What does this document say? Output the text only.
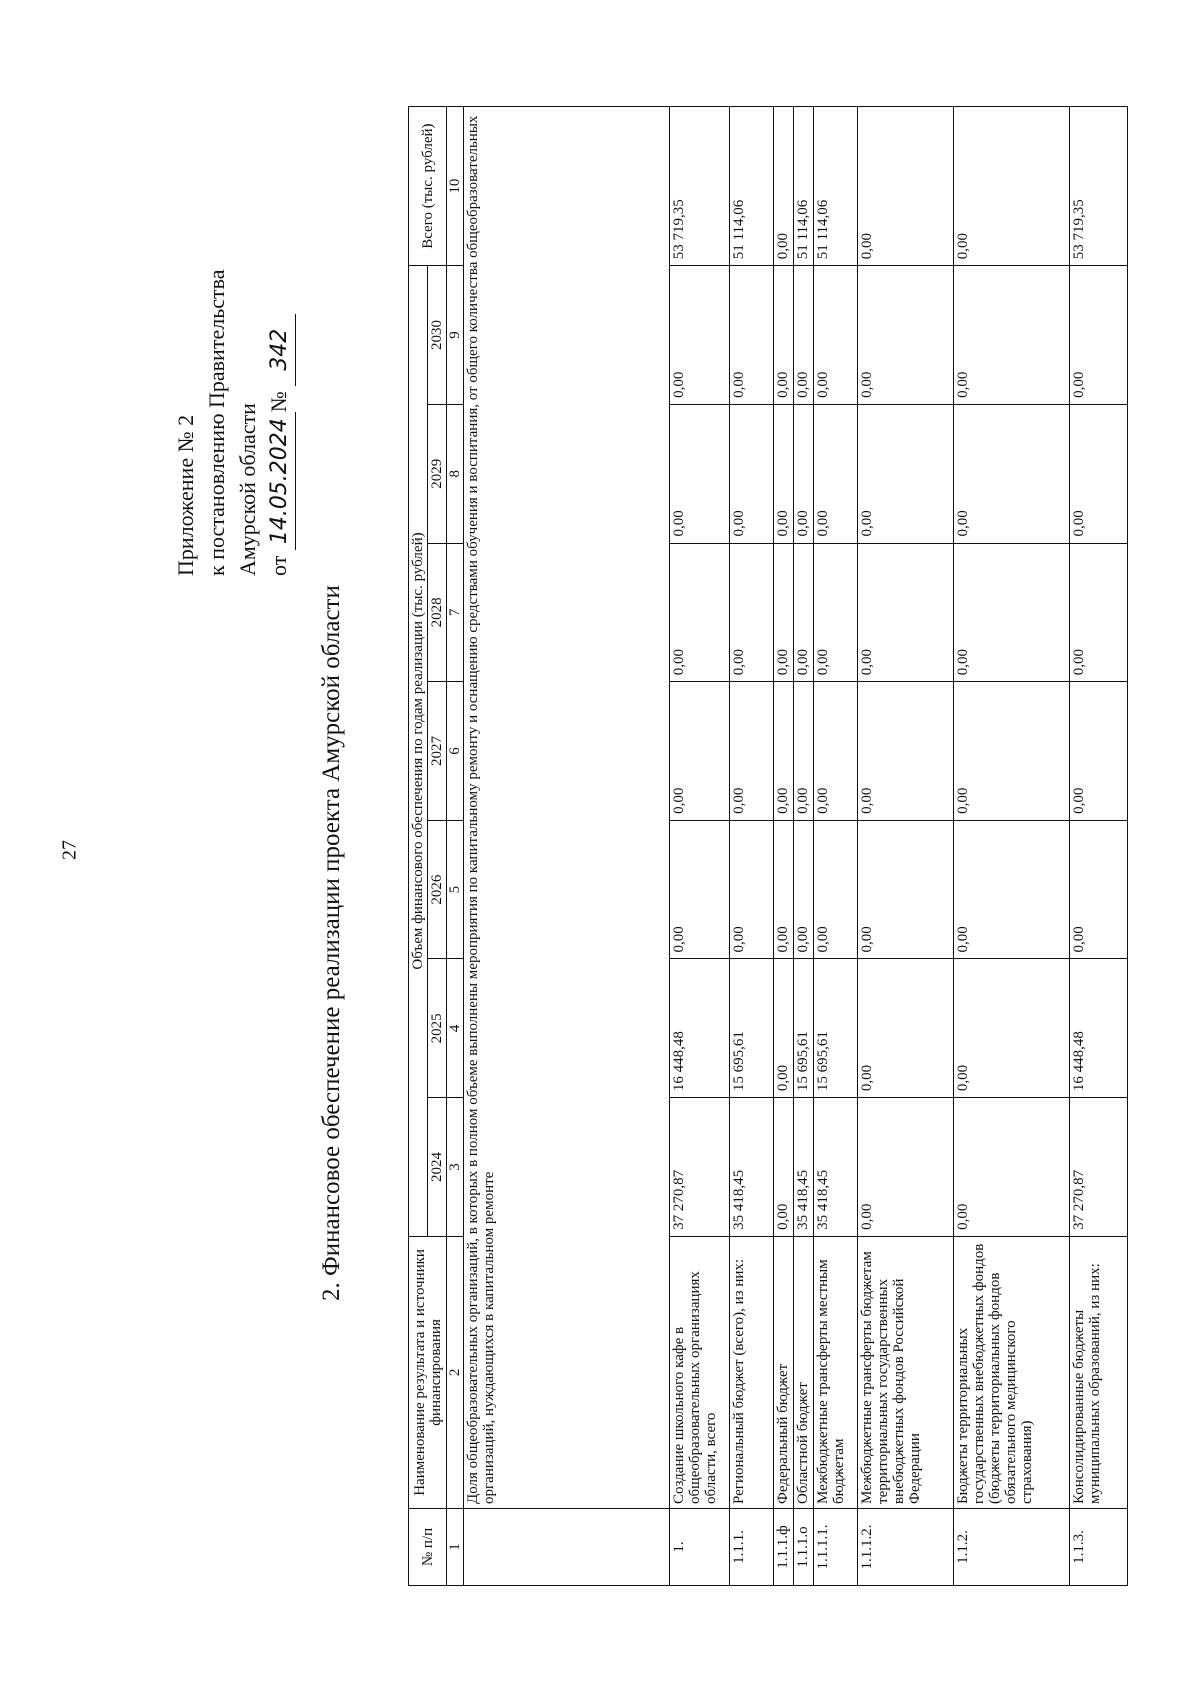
27
Приложение № 2 к постановлению Правительства Амурской области от 14.05.2024№ 342
2. Финансовое обеспечение реализации проекта Амурской области
№ п/п	Наименование результата и источники финансирования	Объем финансового обеспечения по годам реализации (тыс. рублей)							Всего (тыс. рублей)
		2024	2025	2026	2027	2028	2029	2030	
1	2	3	4	5	6	7	8	9	10
	Доля общеобразовательных организаций, в которых в полном объеме выполнены мероприятия по капитальному ремонту и оснащению средствами обучения и воспитания, от общего количества общеобразовательных организаций, нуждающихся в капитальном ремонте								
1.	Создание школьного кафе в общеобразовательных организациях области, всего	37 270,87	16 448,48	0,00	0,00	0,00	0,00	0,00	53 719,35
1.1.1.	Региональный бюджет (всего), из них:	35 418,45	15 695,61	0,00	0,00	0,00	0,00	0,00	51 114,06
1.1.1.ф	Федеральный бюджет	0,00	0,00	0,00	0,00	0,00	0,00	0,00	0,00
1.1.1.о	Областной бюджет	35 418,45	15 695,61	0,00	0,00	0,00	0,00	0,00	51 114,06
1.1.1.1.	Межбюджетные трансферты местным бюджетам	35 418,45	15 695,61	0,00	0,00	0,00	0,00	0,00	51 114,06
1.1.1.2.	Межбюджетные трансферты бюджетам территориальных государственных внебюджетных фондов Российской Федерации	0,00	0,00	0,00	0,00	0,00	0,00	0,00	0,00
1.1.2.	Бюджеты территориальных государственных внебюджетных фондов (бюджеты территориальных фондов обязательного медицинского страхования)	0,00	0,00	0,00	0,00	0,00	0,00	0,00	0,00
1.1.3.	Консолидированные бюджеты муниципальных образований, из них:	37 270,87	16 448,48	0,00	0,00	0,00	0,00	0,00	53 719,35
